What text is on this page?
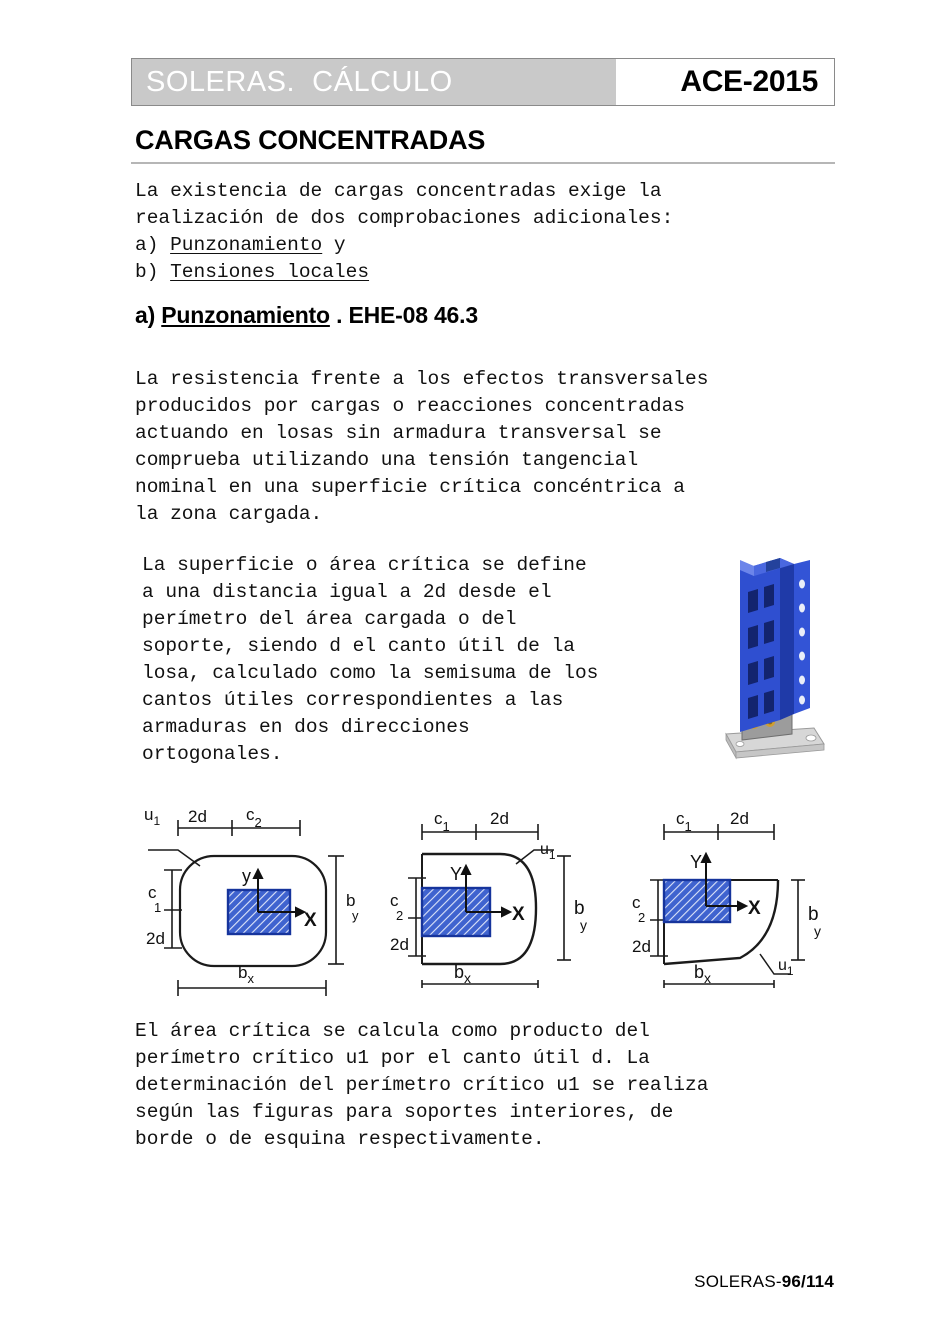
SOLERAS.  CÁLCULO	ACE-2015
CARGAS CONCENTRADAS

La existencia de cargas concentradas exige la

realización de dos comprobaciones adicionales:

a) Punzonamiento y

b) Tensiones locales

a) Punzonamiento . EHE-08 46.3

La resistencia frente a los efectos transversales

producidos por cargas o reacciones concentradas

actuando en losas sin armadura transversal se

comprueba utilizando una tensión tangencial

nominal en una superficie crítica concéntrica a

la zona cargada.

La superficie o área crítica se define

a una distancia igual a 2d desde el

perímetro del área cargada o del

soporte, siendo d el canto útil de la

losa, calculado como la semisuma de los

cantos útiles correspondientes a las

armaduras en dos direcciones

ortogonales.

$u_1$ 2d $c_2$
c 1
2d
y
X
b y
$b_x$
$c_1$ 2d
c 2
2d
Y
X	b y
$b_x$
$u_1$
$c_1$ 2d
c 2
2d
Y
X b y
$b_x$
$u_1$

El área crítica se calcula como producto del

perímetro crítico u1 por el canto útil d. La

determinación del perímetro crítico u1 se realiza

según las figuras para soportes interiores, de

borde o de esquina respectivamente.

SOLERAS-96/114
